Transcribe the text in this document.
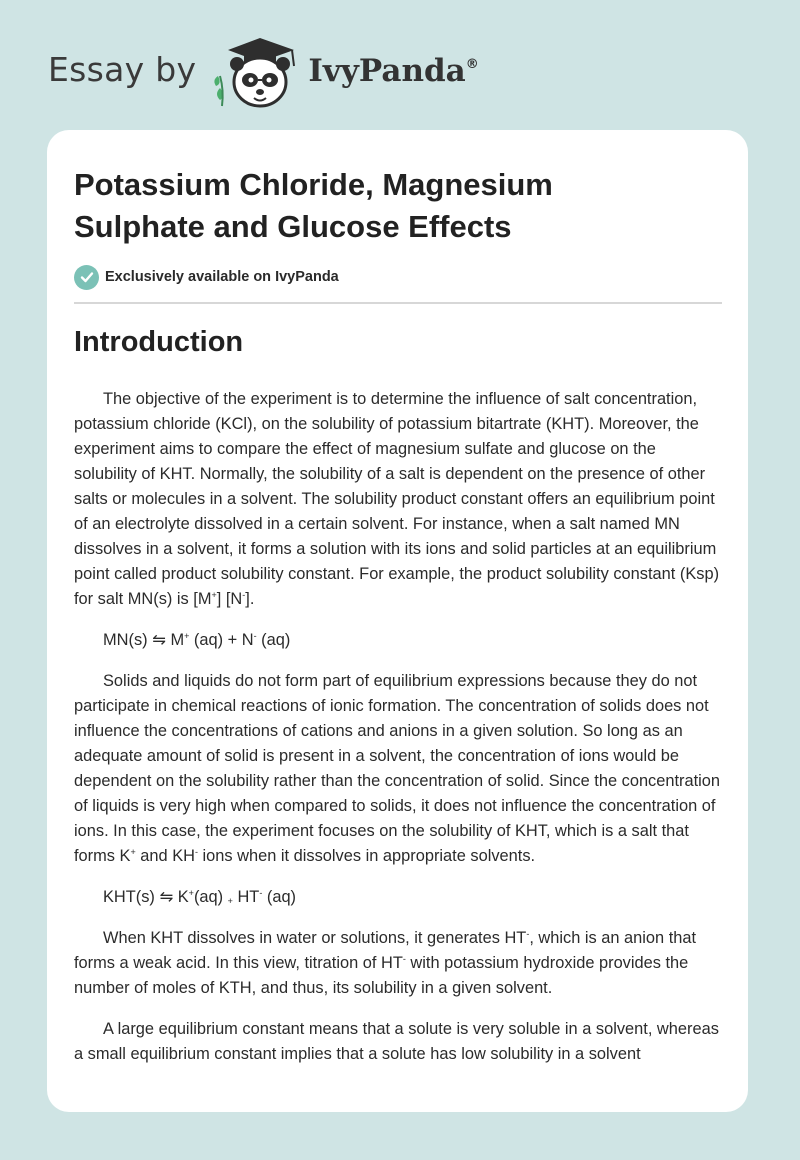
Essay by	IvyPanda®
Potassium Chloride, Magnesium Sulphate and Glucose Effects
Exclusively available on IvyPanda
Introduction

The objective of the experiment is to determine the influence of salt concentration, potassium chloride (KCl), on the solubility of potassium bitartrate (KHT). Moreover, the experiment aims to compare the effect of magnesium sulfate and glucose on the solubility of KHT. Normally, the solubility of a salt is dependent on the presence of other salts or molecules in a solvent. The solubility product constant offers an equilibrium point of an electrolyte dissolved in a certain solvent. For instance, when a salt named MN dissolves in a solvent, it forms a solution with its ions and solid particles at an equilibrium point called product solubility constant. For example, the product solubility constant (Ksp) for salt MN(s) is [M+] [N-].

MN(s) ⇋ M+ (aq) + N- (aq)

Solids and liquids do not form part of equilibrium expressions because they do not participate in chemical reactions of ionic formation. The concentration of solids does not influence the concentrations of cations and anions in a given solution. So long as an adequate amount of solid is present in a solvent, the concentration of ions would be dependent on the solubility rather than the concentration of solid. Since the concentration of liquids is very high when compared to solids, it does not influence the concentration of ions. In this case, the experiment focuses on the solubility of KHT, which is a salt that forms K+ and KH- ions when it dissolves in appropriate solvents.

KHT(s) ⇋ K+(aq) $_+$ HT- (aq)

When KHT dissolves in water or solutions, it generates HT-, which is an anion that forms a weak acid. In this view, titration of HT- with potassium hydroxide provides the number of moles of KTH, and thus, its solubility in a given solvent.

A large equilibrium constant means that a solute is very soluble in a solvent, whereas a small equilibrium constant implies that a solute has low solubility in a solvent
